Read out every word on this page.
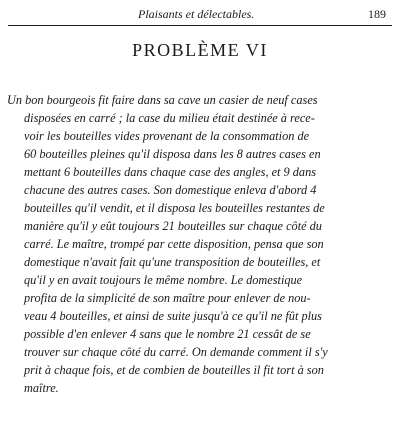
Plaisants et délectables.	189
PROBLÈME VI
Un bon bourgeois fit faire dans sa cave un casier de neuf cases
disposées en carré ; la case du milieu était destinée à rece-
voir les bouteilles vides provenant de la consommation de
60 bouteilles pleines qu'il disposa dans les 8 autres cases en
mettant 6 bouteilles dans chaque case des angles, et 9 dans
chacune des autres cases. Son domestique enleva d'abord 4
bouteilles qu'il vendit, et il disposa les bouteilles restantes de
manière qu'il y eût toujours 21 bouteilles sur chaque côté du
carré. Le maître, trompé par cette disposition, pensa que son
domestique n'avait fait qu'une transposition de bouteilles, et
qu'il y en avait toujours le même nombre. Le domestique
profita de la simplicité de son maître pour enlever de nou-
veau 4 bouteilles, et ainsi de suite jusqu'à ce qu'il ne fût plus
possible d'en enlever 4 sans que le nombre 21 cessât de se
trouver sur chaque côté du carré. On demande comment il s'y
prit à chaque fois, et de combien de bouteilles il fit tort à son
maître.
